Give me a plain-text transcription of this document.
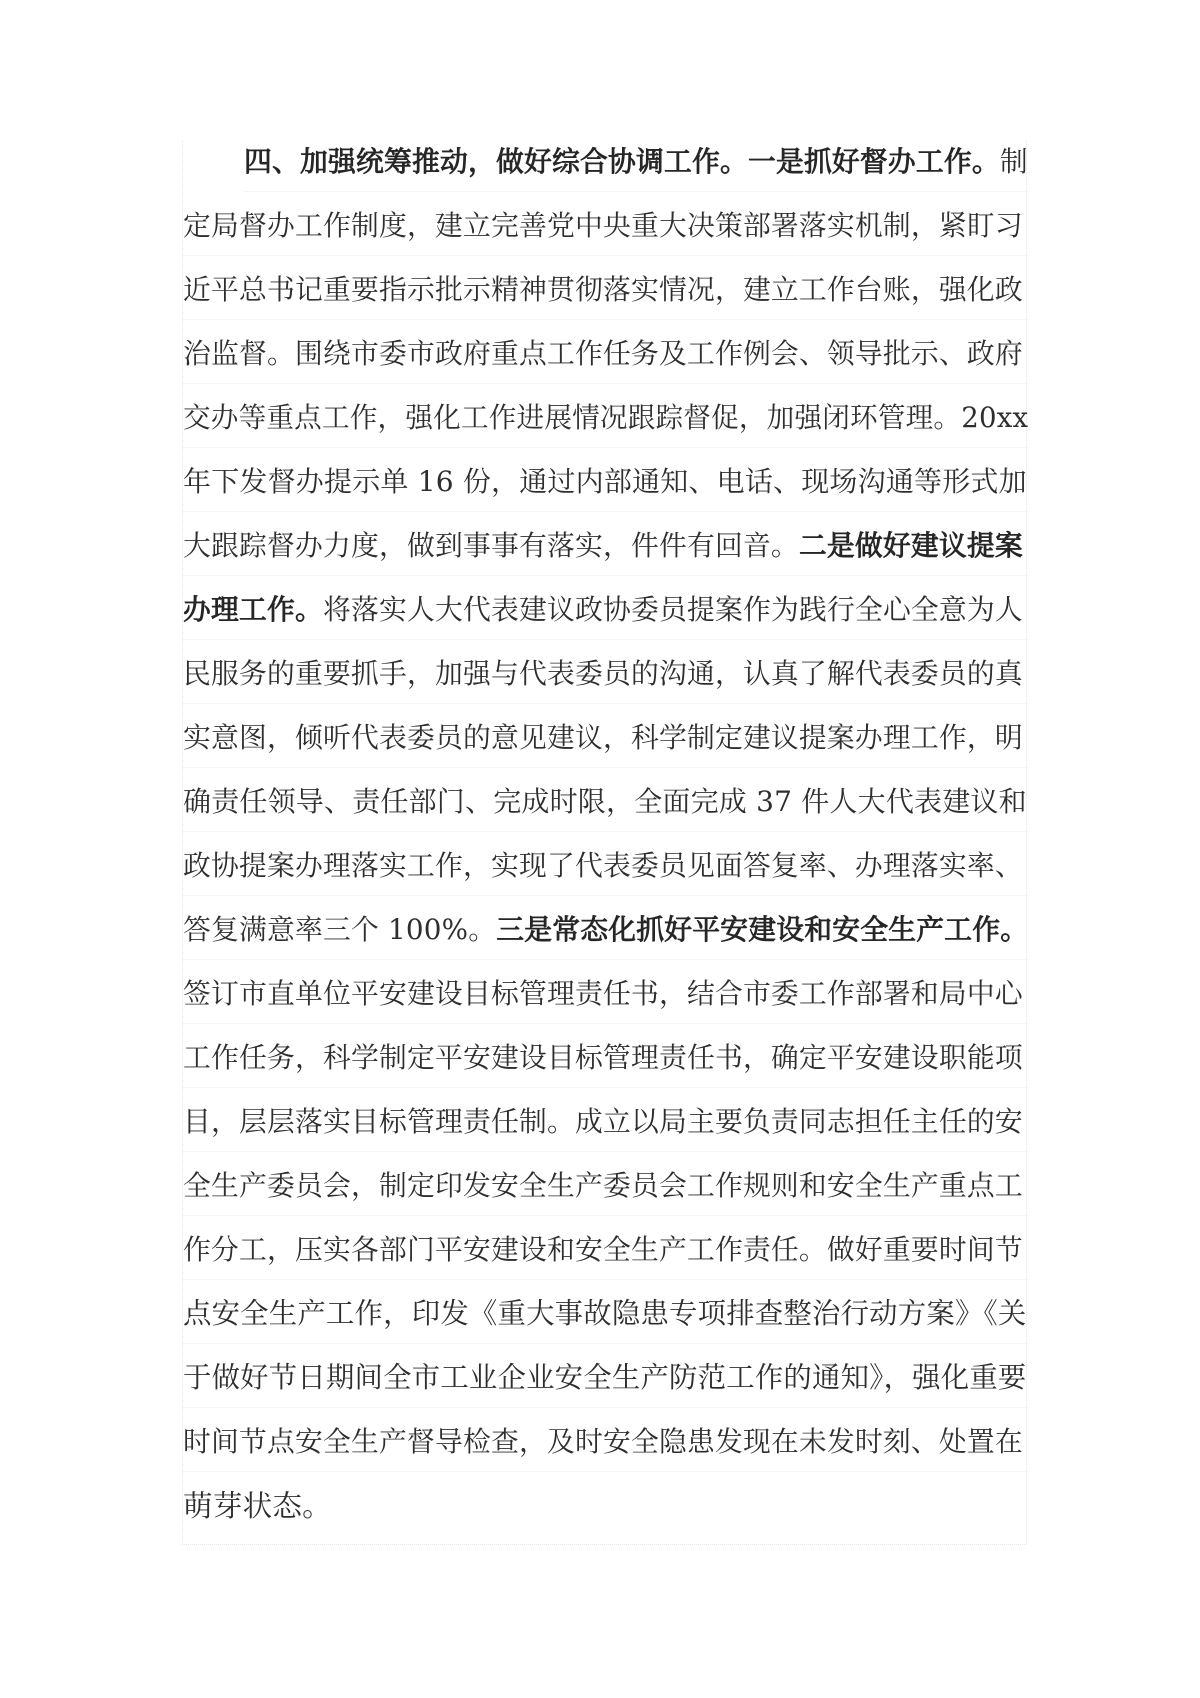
四、加强统筹推动，做好综合协调工作。一是抓好督办工作。制
定局督办工作制度，建立完善党中央重大决策部署落实机制，紧盯习
近平总书记重要指示批示精神贯彻落实情况，建立工作台账，强化政
治监督。围绕市委市政府重点工作任务及工作例会、领导批示、政府
交办等重点工作，强化工作进展情况跟踪督促，加强闭环管理。20xx
年下发督办提示单 16 份，通过内部通知、电话、现场沟通等形式加
大跟踪督办力度，做到事事有落实，件件有回音。二是做好建议提案
办理工作。将落实人大代表建议政协委员提案作为践行全心全意为人
民服务的重要抓手，加强与代表委员的沟通，认真了解代表委员的真
实意图，倾听代表委员的意见建议，科学制定建议提案办理工作，明
确责任领导、责任部门、完成时限，全面完成 37 件人大代表建议和
政协提案办理落实工作，实现了代表委员见面答复率、办理落实率、
答复满意率三个 100%。三是常态化抓好平安建设和安全生产工作。
签订市直单位平安建设目标管理责任书，结合市委工作部署和局中心
工作任务，科学制定平安建设目标管理责任书，确定平安建设职能项
目，层层落实目标管理责任制。成立以局主要负责同志担任主任的安
全生产委员会，制定印发安全生产委员会工作规则和安全生产重点工
作分工，压实各部门平安建设和安全生产工作责任。做好重要时间节
点安全生产工作，印发《重大事故隐患专项排查整治行动方案》《关
于做好节日期间全市工业企业安全生产防范工作的通知》，强化重要
时间节点安全生产督导检查，及时安全隐患发现在未发时刻、处置在
萌芽状态。
